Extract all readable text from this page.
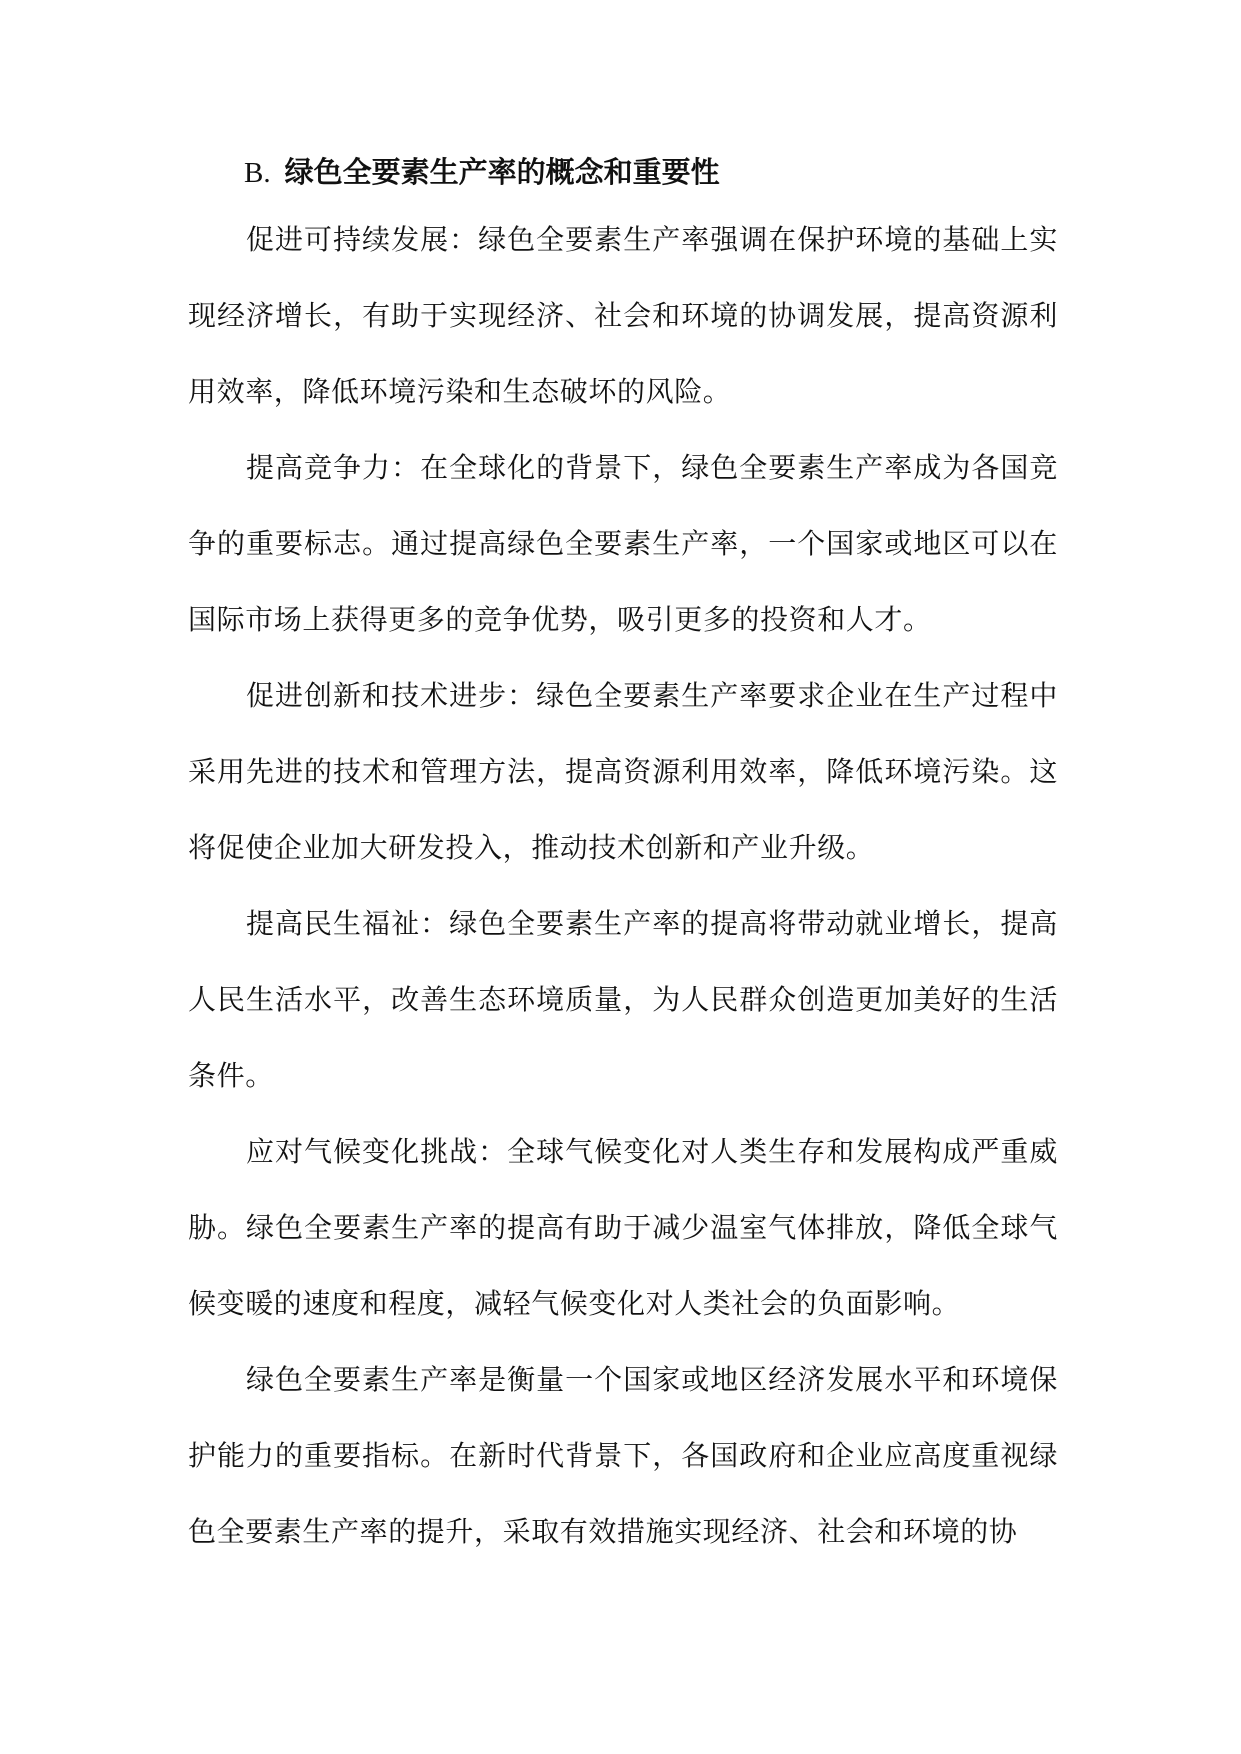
B. 绿色全要素生产率的概念和重要性

促进可持续发展：绿色全要素生产率强调在保护环境的基础上实现经济增长，有助于实现经济、社会和环境的协调发展，提高资源利用效率，降低环境污染和生态破坏的风险。

提高竞争力：在全球化的背景下，绿色全要素生产率成为各国竞争的重要标志。通过提高绿色全要素生产率，一个国家或地区可以在国际市场上获得更多的竞争优势，吸引更多的投资和人才。

促进创新和技术进步：绿色全要素生产率要求企业在生产过程中采用先进的技术和管理方法，提高资源利用效率，降低环境污染。这将促使企业加大研发投入，推动技术创新和产业升级。

提高民生福祉：绿色全要素生产率的提高将带动就业增长，提高人民生活水平，改善生态环境质量，为人民群众创造更加美好的生活条件。

应对气候变化挑战：全球气候变化对人类生存和发展构成严重威胁。绿色全要素生产率的提高有助于减少温室气体排放，降低全球气候变暖的速度和程度，减轻气候变化对人类社会的负面影响。

绿色全要素生产率是衡量一个国家或地区经济发展水平和环境保护能力的重要指标。在新时代背景下，各国政府和企业应高度重视绿色全要素生产率的提升，采取有效措施实现经济、社会和环境的协
